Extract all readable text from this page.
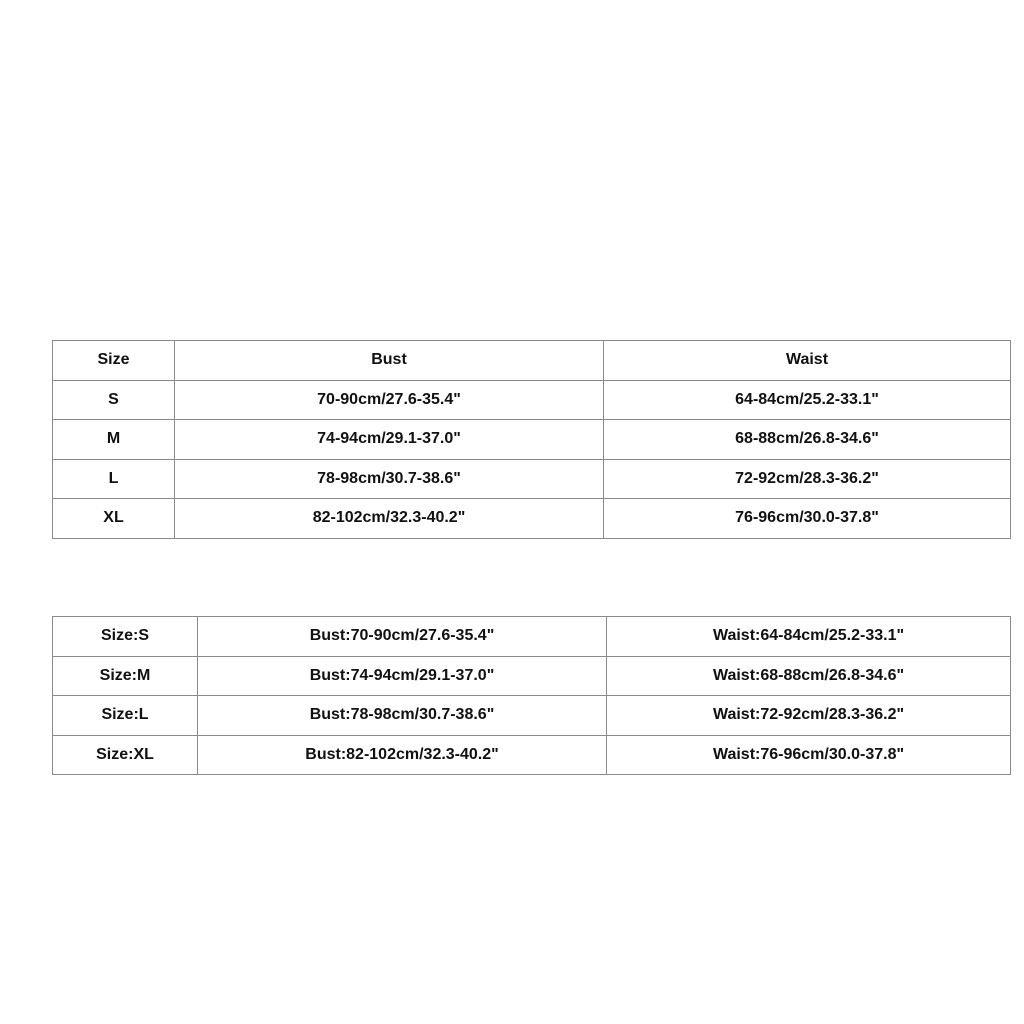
Size	Bust	Waist
S	70-90cm/27.6-35.4"	64-84cm/25.2-33.1"
M	74-94cm/29.1-37.0"	68-88cm/26.8-34.6"
L	78-98cm/30.7-38.6"	72-92cm/28.3-36.2"
XL	82-102cm/32.3-40.2"	76-96cm/30.0-37.8"
Size:S	Bust:70-90cm/27.6-35.4"	Waist:64-84cm/25.2-33.1"
Size:M	Bust:74-94cm/29.1-37.0"	Waist:68-88cm/26.8-34.6"
Size:L	Bust:78-98cm/30.7-38.6"	Waist:72-92cm/28.3-36.2"
Size:XL	Bust:82-102cm/32.3-40.2"	Waist:76-96cm/30.0-37.8"
